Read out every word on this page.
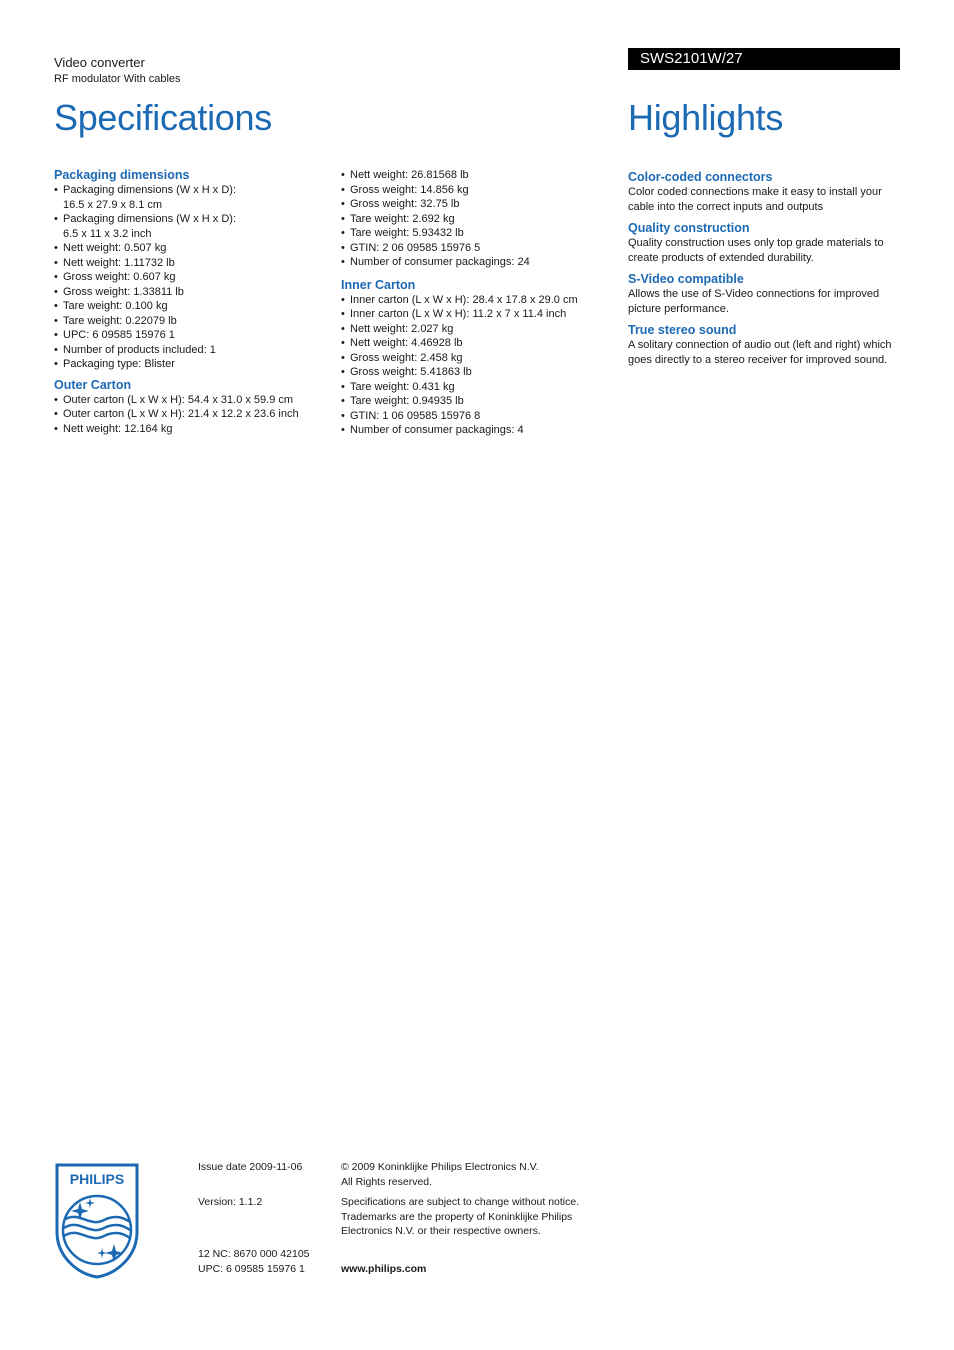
Video converter
RF modulator With cables
Specifications
SWS2101W/27
Highlights
Packaging dimensions
• Packaging dimensions (W x H x D):
16.5 x 27.9 x 8.1 cm
• Packaging dimensions (W x H x D):
6.5 x 11 x 3.2 inch
• Nett weight: 0.507 kg
• Nett weight: 1.11732 lb
• Gross weight: 0.607 kg
• Gross weight: 1.33811 lb
• Tare weight: 0.100 kg
• Tare weight: 0.22079 lb
• UPC: 6 09585 15976 1
• Number of products included: 1
• Packaging type: Blister
Outer Carton
• Outer carton (L x W x H): 54.4 x 31.0 x 59.9 cm
• Outer carton (L x W x H): 21.4 x 12.2 x 23.6 inch
• Nett weight: 12.164 kg
• Nett weight: 26.81568 lb
• Gross weight: 14.856 kg
• Gross weight: 32.75 lb
• Tare weight: 2.692 kg
• Tare weight: 5.93432 lb
• GTIN: 2 06 09585 15976 5
• Number of consumer packagings: 24
Inner Carton
• Inner carton (L x W x H): 28.4 x 17.8 x 29.0 cm
• Inner carton (L x W x H): 11.2 x 7 x 11.4 inch
• Nett weight: 2.027 kg
• Nett weight: 4.46928 lb
• Gross weight: 2.458 kg
• Gross weight: 5.41863 lb
• Tare weight: 0.431 kg
• Tare weight: 0.94935 lb
• GTIN: 1 06 09585 15976 8
• Number of consumer packagings: 4
Color-coded connectors
Color coded connections make it easy to install your cable into the correct inputs and outputs
Quality construction
Quality construction uses only top grade materials to create products of extended durability.
S-Video compatible
Allows the use of S-Video connections for improved picture performance.
True stereo sound
A solitary connection of audio out (left and right) which goes directly to a stereo receiver for improved sound.
PHILIPS
Issue date 2009-11-06
Version: 1.1.2
12 NC: 8670 000 42105
UPC: 6 09585 15976 1
© 2009 Koninklijke Philips Electronics N.V.
All Rights reserved.
Specifications are subject to change without notice.
Trademarks are the property of Koninklijke Philips
Electronics N.V. or their respective owners.
www.philips.com
